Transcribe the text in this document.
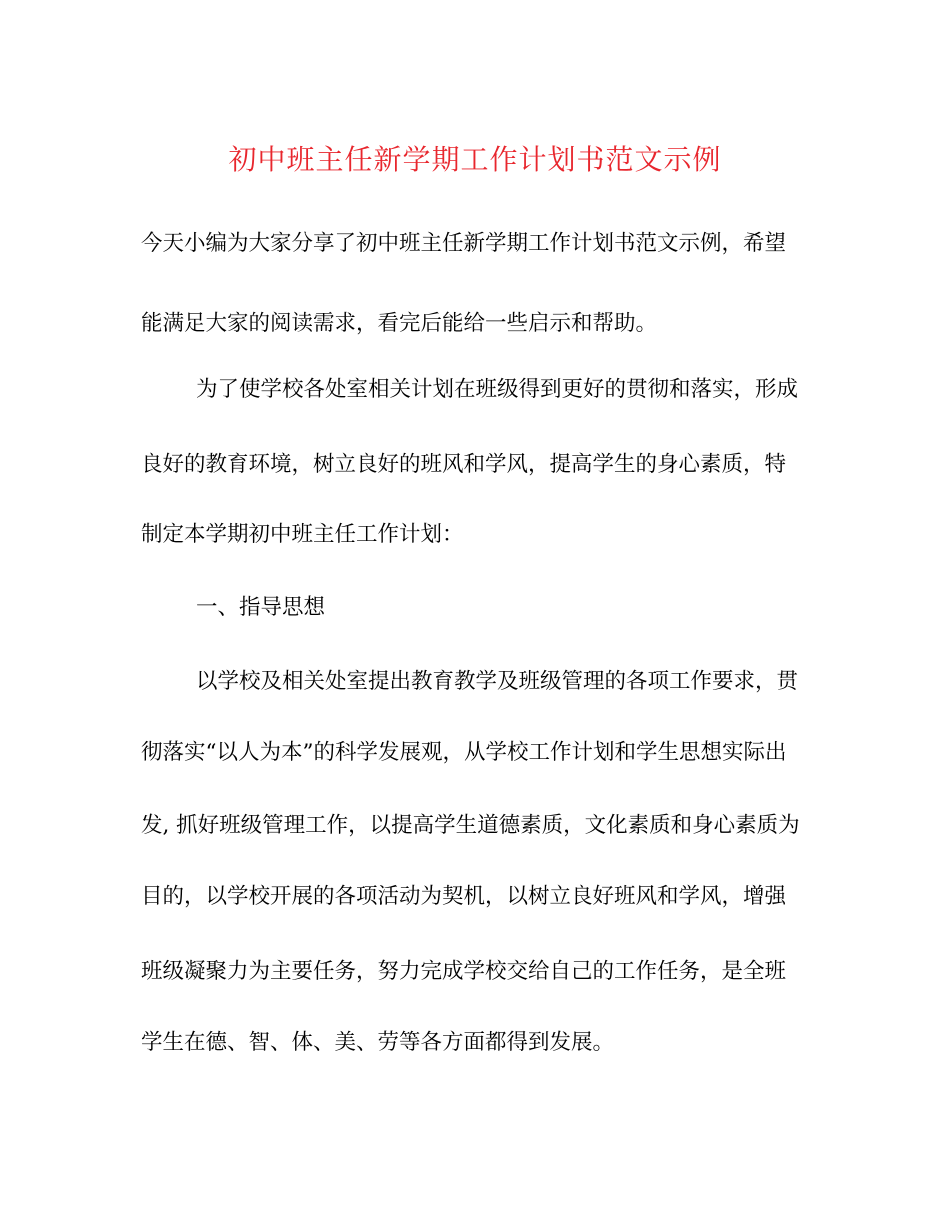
初中班主任新学期工作计划书范文示例
今天小编为大家分享了初中班主任新学期工作计划书范文示例，希望
能满足大家的阅读需求，看完后能给一些启示和帮助。
为了使学校各处室相关计划在班级得到更好的贯彻和落实，形成
良好的教育环境，树立良好的班风和学风，提高学生的身心素质，特
制定本学期初中班主任工作计划：
一、指导思想
以学校及相关处室提出教育教学及班级管理的各项工作要求，贯
彻落实“以人为本”的科学发展观，从学校工作计划和学生思想实际出
发, 抓好班级管理工作，以提高学生道德素质，文化素质和身心素质为
目的，以学校开展的各项活动为契机，以树立良好班风和学风，增强
班级凝聚力为主要任务，努力完成学校交给自己的工作任务，是全班
学生在德、智、体、美、劳等各方面都得到发展。
